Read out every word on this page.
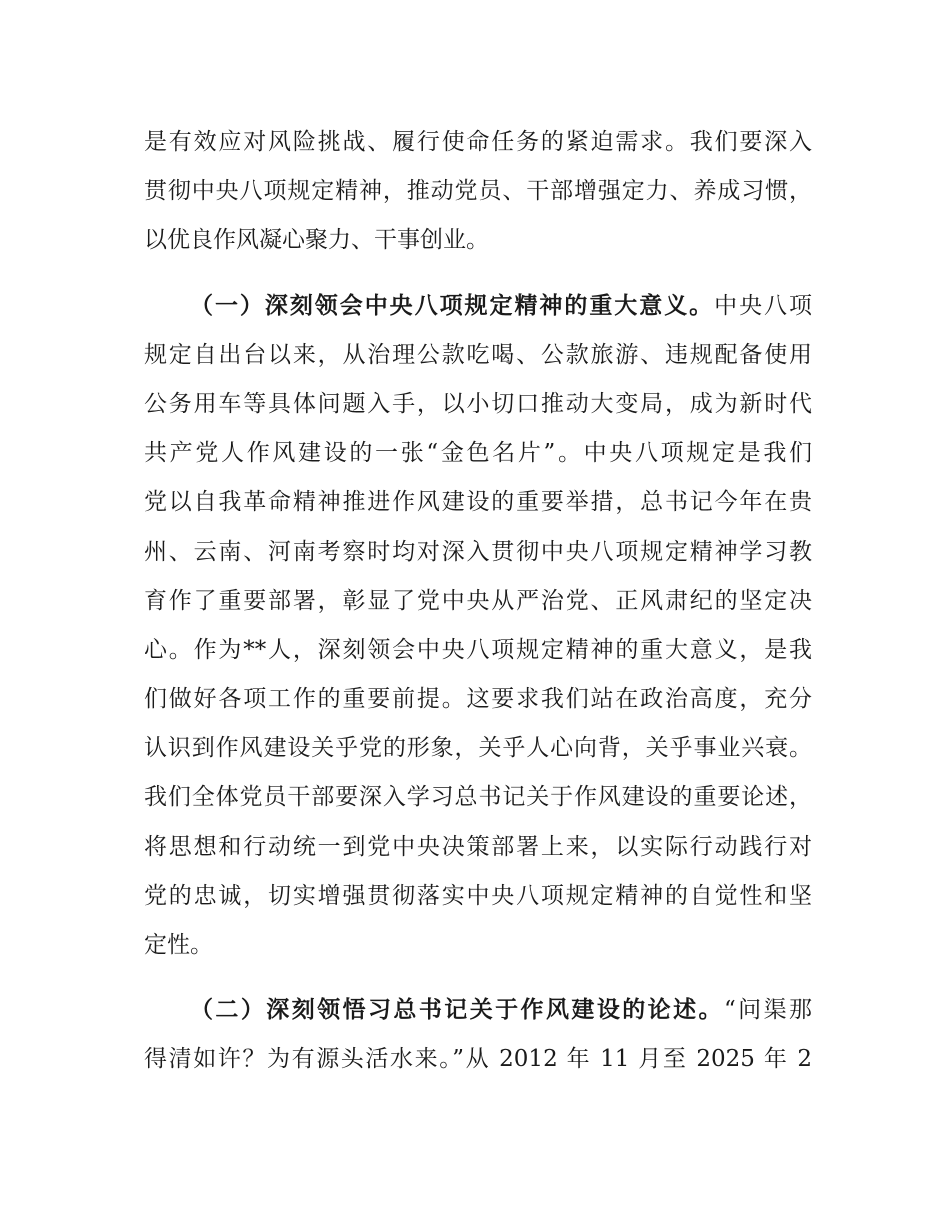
是有效应对风险挑战、履行使命任务的紧迫需求。我们要深入
贯彻中央八项规定精神，推动党员、干部增强定力、养成习惯，
以优良作风凝心聚力、干事创业。
（一）深刻领会中央八项规定精神的重大意义。中央八项
规定自出台以来，从治理公款吃喝、公款旅游、违规配备使用
公务用车等具体问题入手，以小切口推动大变局，成为新时代
共产党人作风建设的一张“金色名片”。中央八项规定是我们
党以自我革命精神推进作风建设的重要举措，总书记今年在贵
州、云南、河南考察时均对深入贯彻中央八项规定精神学习教
育作了重要部署，彰显了党中央从严治党、正风肃纪的坚定决
心。作为**人，深刻领会中央八项规定精神的重大意义，是我
们做好各项工作的重要前提。这要求我们站在政治高度，充分
认识到作风建设关乎党的形象，关乎人心向背，关乎事业兴衰。
我们全体党员干部要深入学习总书记关于作风建设的重要论述，
将思想和行动统一到党中央决策部署上来，以实际行动践行对
党的忠诚，切实增强贯彻落实中央八项规定精神的自觉性和坚
定性。
（二）深刻领悟习总书记关于作风建设的论述。“问渠那
得清如许？为有源头活水来。”从 2012 年 11 月至 2025 年 2
